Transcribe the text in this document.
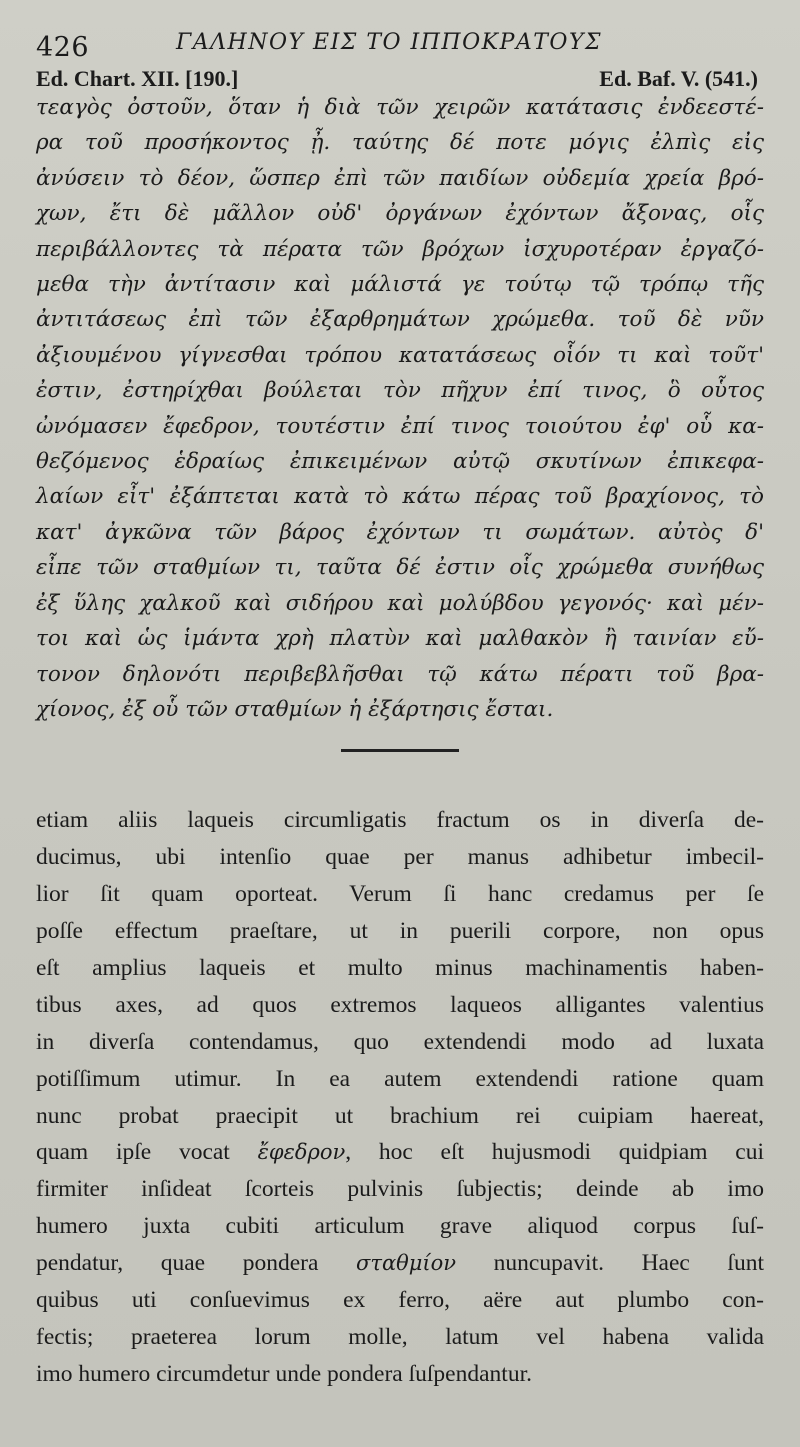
426	ΓΑΛΗΝΟΥ ΕΙΣ ΤΟ ΙΠΠΟΚΡΑΤΟΥΣ
Ed. Chart. XII. [190.]	Ed. Baf. V. (541.)
τεαγὸς ὀστοῦν, ὅταν ἡ διὰ τῶν χειρῶν κατάτασις ἐνδεεστέ-
ρα τοῦ προσήκοντος ᾖ. ταύτης δέ ποτε μόγις ἐλπὶς εἰς
ἀνύσειν τὸ δέον, ὥσπερ ἐπὶ τῶν παιδίων οὐδεμία χρεία βρό-
χων, ἔτι δὲ μᾶλλον οὐδ' ὀργάνων ἐχόντων ἄξονας, οἷς
περιβάλλοντες τὰ πέρατα τῶν βρόχων ἰσχυροτέραν ἐργαζό-
μεθα τὴν ἀντίτασιν καὶ μάλιστά γε τούτῳ τῷ τρόπῳ τῆς
ἀντιτάσεως ἐπὶ τῶν ἐξαρθρημάτων χρώμεθα. τοῦ δὲ νῦν
ἀξιουμένου γίγνεσθαι τρόπου κατατάσεως οἷόν τι καὶ τοῦτ'
ἐστιν, ἐστηρίχθαι βούλεται τὸν πῆχυν ἐπί τινος, ὃ οὗτος
ὠνόμασεν ἔφεδρον, τουτέστιν ἐπί τινος τοιούτου ἐφ' οὗ κα-
θεζόμενος ἑδραίως ἐπικειμένων αὐτῷ σκυτίνων ἐπικεφα-
λαίων εἶτ' ἐξάπτεται κατὰ τὸ κάτω πέρας τοῦ βραχίονος, τὸ
κατ' ἀγκῶνα τῶν βάρος ἐχόντων τι σωμάτων. αὐτὸς δ'
εἶπε τῶν σταθμίων τι, ταῦτα δέ ἐστιν οἷς χρώμεθα συνήθως
ἐξ ὕλης χαλκοῦ καὶ σιδήρου καὶ μολύβδου γεγονός· καὶ μέν-
τοι καὶ ὡς ἱμάντα χρὴ πλατὺν καὶ μαλθακὸν ἢ ταινίαν εὔ-
τονον δηλονότι περιβεβλῆσθαι τῷ κάτω πέρατι τοῦ βρα-
χίονος, ἐξ οὗ τῶν σταθμίων ἡ ἐξάρτησις ἔσται.
etiam aliis laqueis circumligatis fractum os in diverſa de-
ducimus, ubi intenſio quae per manus adhibetur imbecil-
lior ſit quam oporteat. Verum ſi hanc credamus per ſe
poſſe effectum praeſtare, ut in puerili corpore, non opus
eſt amplius laqueis et multo minus machinamentis haben-
tibus axes, ad quos extremos laqueos alligantes valentius
in diverſa contendamus, quo extendendi modo ad luxata
potiſſimum utimur. In ea autem extendendi ratione quam
nunc probat praecipit ut brachium rei cuipiam haereat,
quam ipſe vocat ἔφεδρον, hoc eſt hujusmodi quidpiam cui
firmiter inſideat ſcorteis pulvinis ſubjectis; deinde ab imo
humero juxta cubiti articulum grave aliquod corpus ſuſ-
pendatur, quae pondera σταθμίον nuncupavit. Haec ſunt
quibus uti conſuevimus ex ferro, aëre aut plumbo con-
fectis; praeterea lorum molle, latum vel habena valida
imo humero circumdetur unde pondera ſuſpendantur.
